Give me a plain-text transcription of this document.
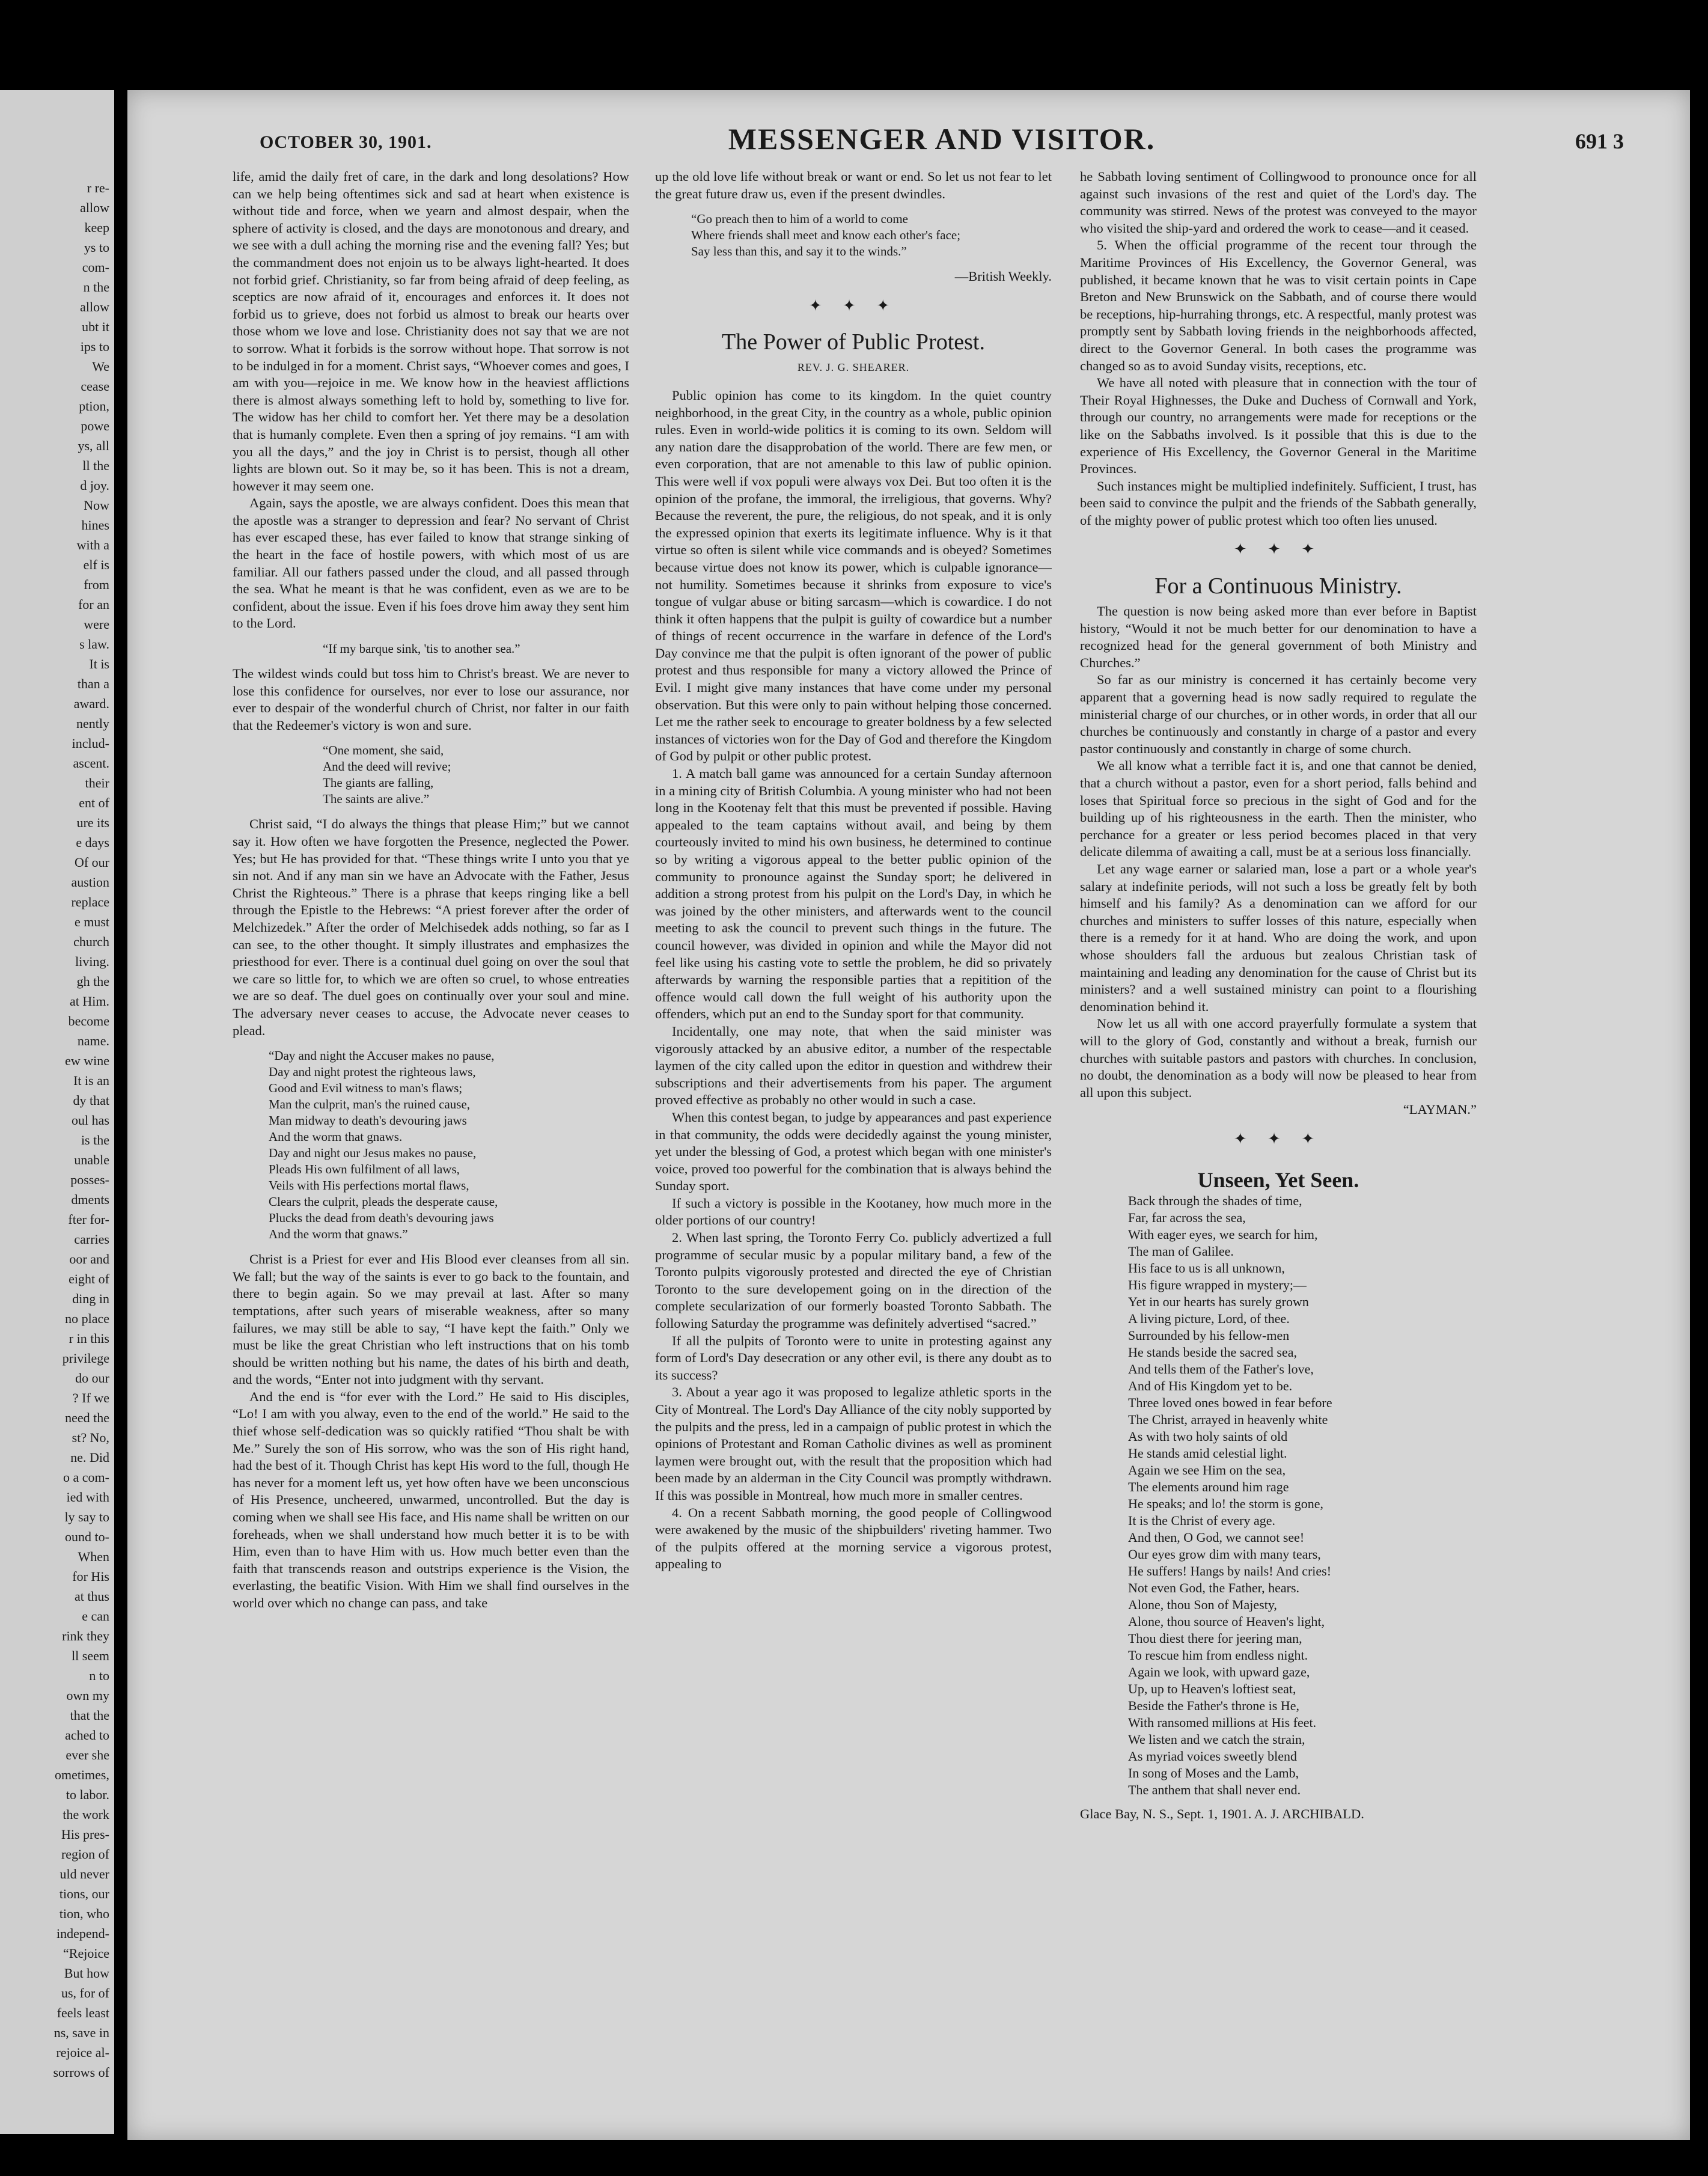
r re-
allow
keep
ys to
com-
n the
allow
ubt it
ips to
We
cease
ption,
powe
ys, all
ll the
d joy.
Now
hines
with a
elf is
from
for an
were
s law.
It is
than a
award.
nently
includ-
ascent.
their
ent of
ure its
e days
Of our
austion
replace
e must
church
living.
gh the
at Him.
become
name.
ew wine
It is an
dy that
oul has
is the
unable
posses-
dments
fter for-
carries
oor and
eight of
ding in
no place
r in this
privilege
do our
? If we
need the
st? No,
ne. Did
o a com-
ied with
ly say to
ound to-
When
for His
at thus
e can
rink they
ll seem
n to
own my
that the
ached to
ever she
ometimes,
to labor.
the work
His pres-
region of
uld never
tions, our
tion, who
independ-
“Rejoice
But how
us, for of
feels least
ns, save in
rejoice al-
sorrows of
OCTOBER 30, 1901.	MESSENGER AND VISITOR.	691 3

life, amid the daily fret of care, in the dark and long desolations? How can we help being oftentimes sick and sad at heart when existence is without tide and force, when we yearn and almost despair, when the sphere of activity is closed, and the days are monotonous and dreary, and we see with a dull aching the morning rise and the evening fall? Yes; but the commandment does not enjoin us to be always light-hearted. It does not forbid grief. Christianity, so far from being afraid of deep feeling, as sceptics are now afraid of it, encourages and enforces it. It does not forbid us to grieve, does not forbid us almost to break our hearts over those whom we love and lose. Christianity does not say that we are not to sorrow. What it forbids is the sorrow without hope. That sorrow is not to be indulged in for a moment. Christ says, “Whoever comes and goes, I am with you—rejoice in me. We know how in the heaviest afflictions there is almost always something left to hold by, something to live for. The widow has her child to comfort her. Yet there may be a desolation that is humanly complete. Even then a spring of joy remains. “I am with you all the days,” and the joy in Christ is to persist, though all other lights are blown out. So it may be, so it has been. This is not a dream, however it may seem one.

Again, says the apostle, we are always confident. Does this mean that the apostle was a stranger to depression and fear? No servant of Christ has ever escaped these, has ever failed to know that strange sinking of the heart in the face of hostile powers, with which most of us are familiar. All our fathers passed under the cloud, and all passed through the sea. What he meant is that he was confident, even as we are to be confident, about the issue. Even if his foes drove him away they sent him to the Lord.

“If my barque sink, 'tis to another sea.”

The wildest winds could but toss him to Christ's breast. We are never to lose this confidence for ourselves, nor ever to lose our assurance, nor ever to despair of the wonderful church of Christ, nor falter in our faith that the Redeemer's victory is won and sure.

“One moment, she said,
And the deed will revive;
The giants are falling,
The saints are alive.”

Christ said, “I do always the things that please Him;” but we cannot say it. How often we have forgotten the Presence, neglected the Power. Yes; but He has provided for that. “These things write I unto you that ye sin not. And if any man sin we have an Advocate with the Father, Jesus Christ the Righteous.” There is a phrase that keeps ringing like a bell through the Epistle to the Hebrews: “A priest forever after the order of Melchizedek.” After the order of Melchisedek adds nothing, so far as I can see, to the other thought. It simply illustrates and emphasizes the priesthood for ever. There is a continual duel going on over the soul that we care so little for, to which we are often so cruel, to whose entreaties we are so deaf. The duel goes on continually over your soul and mine. The adversary never ceases to accuse, the Advocate never ceases to plead.

“Day and night the Accuser makes no pause,
Day and night protest the righteous laws,
Good and Evil witness to man's flaws;
Man the culprit, man's the ruined cause,
Man midway to death's devouring jaws
And the worm that gnaws.
Day and night our Jesus makes no pause,
Pleads His own fulfilment of all laws,
Veils with His perfections mortal flaws,
Clears the culprit, pleads the desperate cause,
Plucks the dead from death's devouring jaws
And the worm that gnaws.”

Christ is a Priest for ever and His Blood ever cleanses from all sin. We fall; but the way of the saints is ever to go back to the fountain, and there to begin again. So we may prevail at last. After so many temptations, after such years of miserable weakness, after so many failures, we may still be able to say, “I have kept the faith.” Only we must be like the great Christian who left instructions that on his tomb should be written nothing but his name, the dates of his birth and death, and the words, “Enter not into judgment with thy servant.

And the end is “for ever with the Lord.” He said to His disciples, “Lo! I am with you alway, even to the end of the world.” He said to the thief whose self-dedication was so quickly ratified “Thou shalt be with Me.” Surely the son of His sorrow, who was the son of His right hand, had the best of it. Though Christ has kept His word to the full, though He has never for a moment left us, yet how often have we been unconscious of His Presence, uncheered, unwarmed, uncontrolled. But the day is coming when we shall see His face, and His name shall be written on our foreheads, when we shall understand how much better it is to be with Him, even than to have Him with us. How much better even than the faith that transcends reason and outstrips experience is the Vision, the everlasting, the beatific Vision. With Him we shall find ourselves in the world over which no change can pass, and take

up the old love life without break or want or end. So let us not fear to let the great future draw us, even if the present dwindles.

“Go preach then to him of a world to come
Where friends shall meet and know each other's face;
Say less than this, and say it to the winds.”

—British Weekly.

✦ ✦ ✦

The Power of Public Protest.

REV. J. G. SHEARER.

Public opinion has come to its kingdom. In the quiet country neighborhood, in the great City, in the country as a whole, public opinion rules. Even in world-wide politics it is coming to its own. Seldom will any nation dare the disapprobation of the world. There are few men, or even corporation, that are not amenable to this law of public opinion. This were well if vox populi were always vox Dei. But too often it is the opinion of the profane, the immoral, the irreligious, that governs. Why? Because the reverent, the pure, the religious, do not speak, and it is only the expressed opinion that exerts its legitimate influence. Why is it that virtue so often is silent while vice commands and is obeyed? Sometimes because virtue does not know its power, which is culpable ignorance—not humility. Sometimes because it shrinks from exposure to vice's tongue of vulgar abuse or biting sarcasm—which is cowardice. I do not think it often happens that the pulpit is guilty of cowardice but a number of things of recent occurrence in the warfare in defence of the Lord's Day convince me that the pulpit is often ignorant of the power of public protest and thus responsible for many a victory allowed the Prince of Evil. I might give many instances that have come under my personal observation. But this were only to pain without helping those concerned. Let me the rather seek to encourage to greater boldness by a few selected instances of victories won for the Day of God and therefore the Kingdom of God by pulpit or other public protest.

1. A match ball game was announced for a certain Sunday afternoon in a mining city of British Columbia. A young minister who had not been long in the Kootenay felt that this must be prevented if possible. Having appealed to the team captains without avail, and being by them courteously invited to mind his own business, he determined to continue so by writing a vigorous appeal to the better public opinion of the community to pronounce against the Sunday sport; he delivered in addition a strong protest from his pulpit on the Lord's Day, in which he was joined by the other ministers, and afterwards went to the council meeting to ask the council to prevent such things in the future. The council however, was divided in opinion and while the Mayor did not feel like using his casting vote to settle the problem, he did so privately afterwards by warning the responsible parties that a repitition of the offence would call down the full weight of his authority upon the offenders, which put an end to the Sunday sport for that community.

Incidentally, one may note, that when the said minister was vigorously attacked by an abusive editor, a number of the respectable laymen of the city called upon the editor in question and withdrew their subscriptions and their advertisements from his paper. The argument proved effective as probably no other would in such a case.

When this contest began, to judge by appearances and past experience in that community, the odds were decidedly against the young minister, yet under the blessing of God, a protest which began with one minister's voice, proved too powerful for the combination that is always behind the Sunday sport.

If such a victory is possible in the Kootaney, how much more in the older portions of our country!

2. When last spring, the Toronto Ferry Co. publicly advertized a full programme of secular music by a popular military band, a few of the Toronto pulpits vigorously protested and directed the eye of Christian Toronto to the sure developement going on in the direction of the complete secularization of our formerly boasted Toronto Sabbath. The following Saturday the programme was definitely advertised “sacred.”

If all the pulpits of Toronto were to unite in protesting against any form of Lord's Day desecration or any other evil, is there any doubt as to its success?

3. About a year ago it was proposed to legalize athletic sports in the City of Montreal. The Lord's Day Alliance of the city nobly supported by the pulpits and the press, led in a campaign of public protest in which the opinions of Protestant and Roman Catholic divines as well as prominent laymen were brought out, with the result that the proposition which had been made by an alderman in the City Council was promptly withdrawn. If this was possible in Montreal, how much more in smaller centres.

4. On a recent Sabbath morning, the good people of Collingwood were awakened by the music of the shipbuilders' riveting hammer. Two of the pulpits offered at the morning service a vigorous protest, appealing to

he Sabbath loving sentiment of Collingwood to pronounce once for all against such invasions of the rest and quiet of the Lord's day. The community was stirred. News of the protest was conveyed to the mayor who visited the ship-yard and ordered the work to cease—and it ceased.

5. When the official programme of the recent tour through the Maritime Provinces of His Excellency, the Governor General, was published, it became known that he was to visit certain points in Cape Breton and New Brunswick on the Sabbath, and of course there would be receptions, hip-hurrahing throngs, etc. A respectful, manly protest was promptly sent by Sabbath loving friends in the neighborhoods affected, direct to the Governor General. In both cases the programme was changed so as to avoid Sunday visits, receptions, etc.

We have all noted with pleasure that in connection with the tour of Their Royal Highnesses, the Duke and Duchess of Cornwall and York, through our country, no arrangements were made for receptions or the like on the Sabbaths involved. Is it possible that this is due to the experience of His Excellency, the Governor General in the Maritime Provinces.

Such instances might be multiplied indefinitely. Sufficient, I trust, has been said to convince the pulpit and the friends of the Sabbath generally, of the mighty power of public protest which too often lies unused.

✦ ✦ ✦

For a Continuous Ministry.

The question is now being asked more than ever before in Baptist history, “Would it not be much better for our denomination to have a recognized head for the general government of both Ministry and Churches.”

So far as our ministry is concerned it has certainly become very apparent that a governing head is now sadly required to regulate the ministerial charge of our churches, or in other words, in order that all our churches be continuously and constantly in charge of a pastor and every pastor continuously and constantly in charge of some church.

We all know what a terrible fact it is, and one that cannot be denied, that a church without a pastor, even for a short period, falls behind and loses that Spiritual force so precious in the sight of God and for the building up of his righteousness in the earth. Then the minister, who perchance for a greater or less period becomes placed in that very delicate dilemma of awaiting a call, must be at a serious loss financially.

Let any wage earner or salaried man, lose a part or a whole year's salary at indefinite periods, will not such a loss be greatly felt by both himself and his family? As a denomination can we afford for our churches and ministers to suffer losses of this nature, especially when there is a remedy for it at hand. Who are doing the work, and upon whose shoulders fall the arduous but zealous Christian task of maintaining and leading any denomination for the cause of Christ but its ministers? and a well sustained ministry can point to a flourishing denomination behind it.

Now let us all with one accord prayerfully formulate a system that will to the glory of God, constantly and without a break, furnish our churches with suitable pastors and pastors with churches. In conclusion, no doubt, the denomination as a body will now be pleased to hear from all upon this subject.

“LAYMAN.”

✦ ✦ ✦

Unseen, Yet Seen.
Back through the shades of time,
Far, far across the sea,
With eager eyes, we search for him,
The man of Galilee.
His face to us is all unknown,
His figure wrapped in mystery;—
Yet in our hearts has surely grown
A living picture, Lord, of thee.
Surrounded by his fellow-men
He stands beside the sacred sea,
And tells them of the Father's love,
And of His Kingdom yet to be.
Three loved ones bowed in fear before
The Christ, arrayed in heavenly white
As with two holy saints of old
He stands amid celestial light.
Again we see Him on the sea,
The elements around him rage
He speaks; and lo! the storm is gone,
It is the Christ of every age.
And then, O God, we cannot see!
Our eyes grow dim with many tears,
He suffers! Hangs by nails! And cries!
Not even God, the Father, hears.
Alone, thou Son of Majesty,
Alone, thou source of Heaven's light,
Thou diest there for jeering man,
To rescue him from endless night.
Again we look, with upward gaze,
Up, up to Heaven's loftiest seat,
Beside the Father's throne is He,
With ransomed millions at His feet.
We listen and we catch the strain,
As myriad voices sweetly blend
In song of Moses and the Lamb,
The anthem that shall never end.

Glace Bay, N. S., Sept. 1, 1901. A. J. ARCHIBALD.
